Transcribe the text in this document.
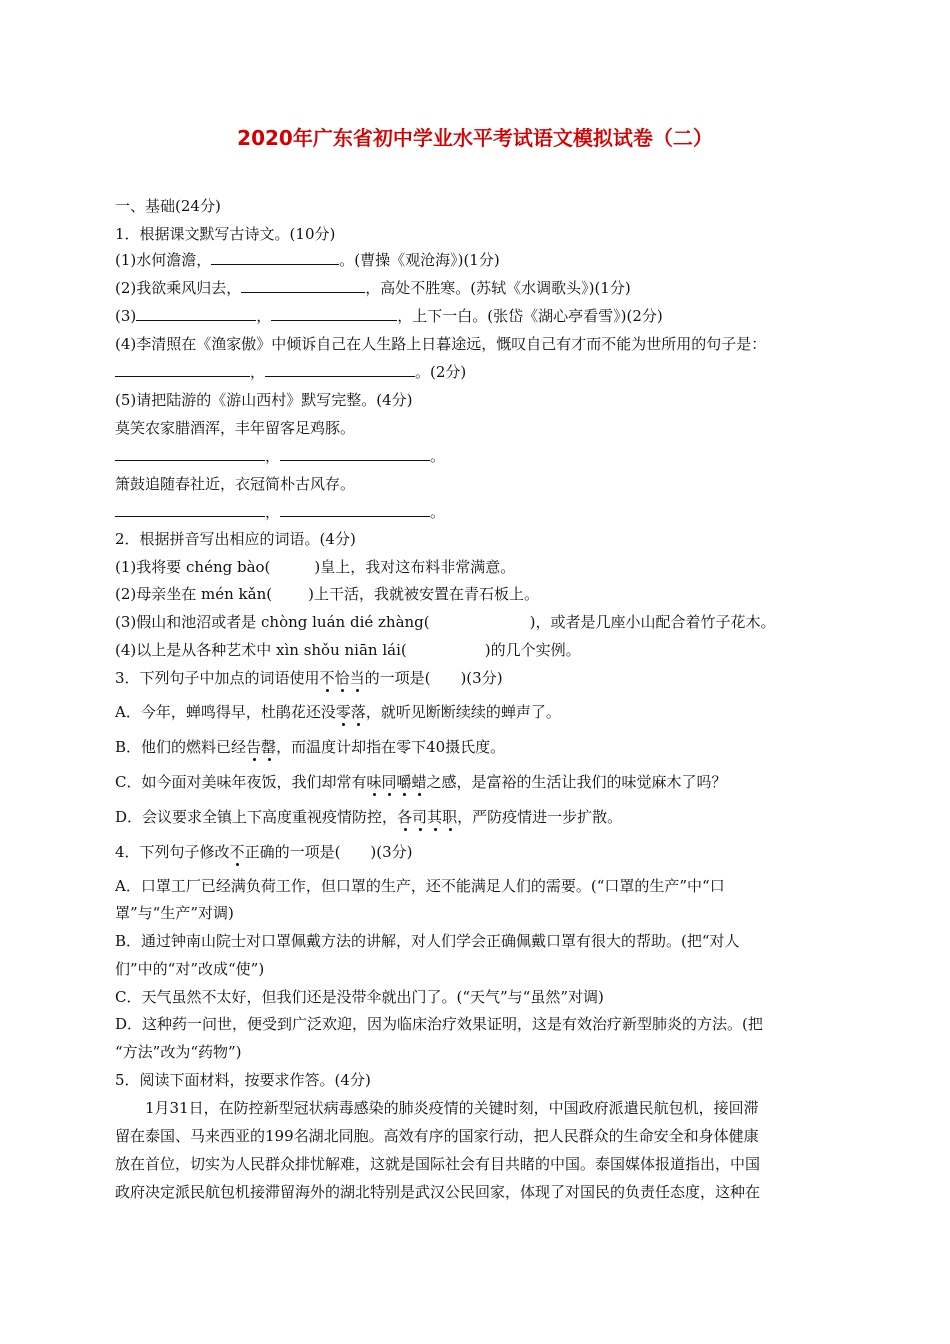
2020年广东省初中学业水平考试语文模拟试卷（二）
一、基础(24分)
1．根据课文默写古诗文。(10分)
(1)水何澹澹，	。(曹操《观沧海》)(1分)
(2)我欲乘风归去，	，高处不胜寒。(苏轼《水调歌头》)(1分)
(3)	，	，上下一白。(张岱《湖心亭看雪》)(2分)
(4)李清照在《渔家傲》中倾诉自己在人生路上日暮途远，慨叹自己有才而不能为世所用的句子是：
，	。(2分)
(5)请把陆游的《游山西村》默写完整。(4分)
莫笑农家腊酒浑，丰年留客足鸡豚。
，	。
箫鼓追随春社近，衣冠简朴古风存。
，	。
2．根据拼音写出相应的词语。(4分)
(1)我将要 chéng bào(	)皇上，我对这布料非常满意。
(2)母亲坐在 mén kǎn( )上干活，我就被安置在青石板上。
(3)假山和池沼或者是 chòng luán dié zhàng(	)，或者是几座小山配合着竹子花木。
(4)以上是从各种艺术中 xìn shǒu niān lái(	)的几个实例。
3．下列句子中加点的词语使用不恰当的一项是(　　)(3分)
A．今年，蝉鸣得早，杜鹃花还没零落，就听见断断续续的蝉声了。
B．他们的燃料已经告罄，而温度计却指在零下40摄氏度。
C．如今面对美味年夜饭，我们却常有味同嚼蜡之感，是富裕的生活让我们的味觉麻木了吗？
D．会议要求全镇上下高度重视疫情防控，各司其职，严防疫情进一步扩散。
4．下列句子修改不正确的一项是(　　)(3分)
A．口罩工厂已经满负荷工作，但口罩的生产，还不能满足人们的需要。(“口罩的生产”中“口
罩”与“生产”对调)
B．通过钟南山院士对口罩佩戴方法的讲解，对人们学会正确佩戴口罩有很大的帮助。(把“对人
们”中的“对”改成“使”)
C．天气虽然不太好，但我们还是没带伞就出门了。(“天气”与“虽然”对调)
D．这种药一问世，便受到广泛欢迎，因为临床治疗效果证明，这是有效治疗新型肺炎的方法。(把
“方法”改为“药物”)
5．阅读下面材料，按要求作答。(4分)
1月31日，在防控新型冠状病毒感染的肺炎疫情的关键时刻，中国政府派遣民航包机，接回滞
留在泰国、马来西亚的199名湖北同胞。高效有序的国家行动，把人民群众的生命安全和身体健康
放在首位，切实为人民群众排忧解难，这就是国际社会有目共睹的中国。泰国媒体报道指出，中国
政府决定派民航包机接滞留海外的湖北特别是武汉公民回家，体现了对国民的负责任态度，这种在
